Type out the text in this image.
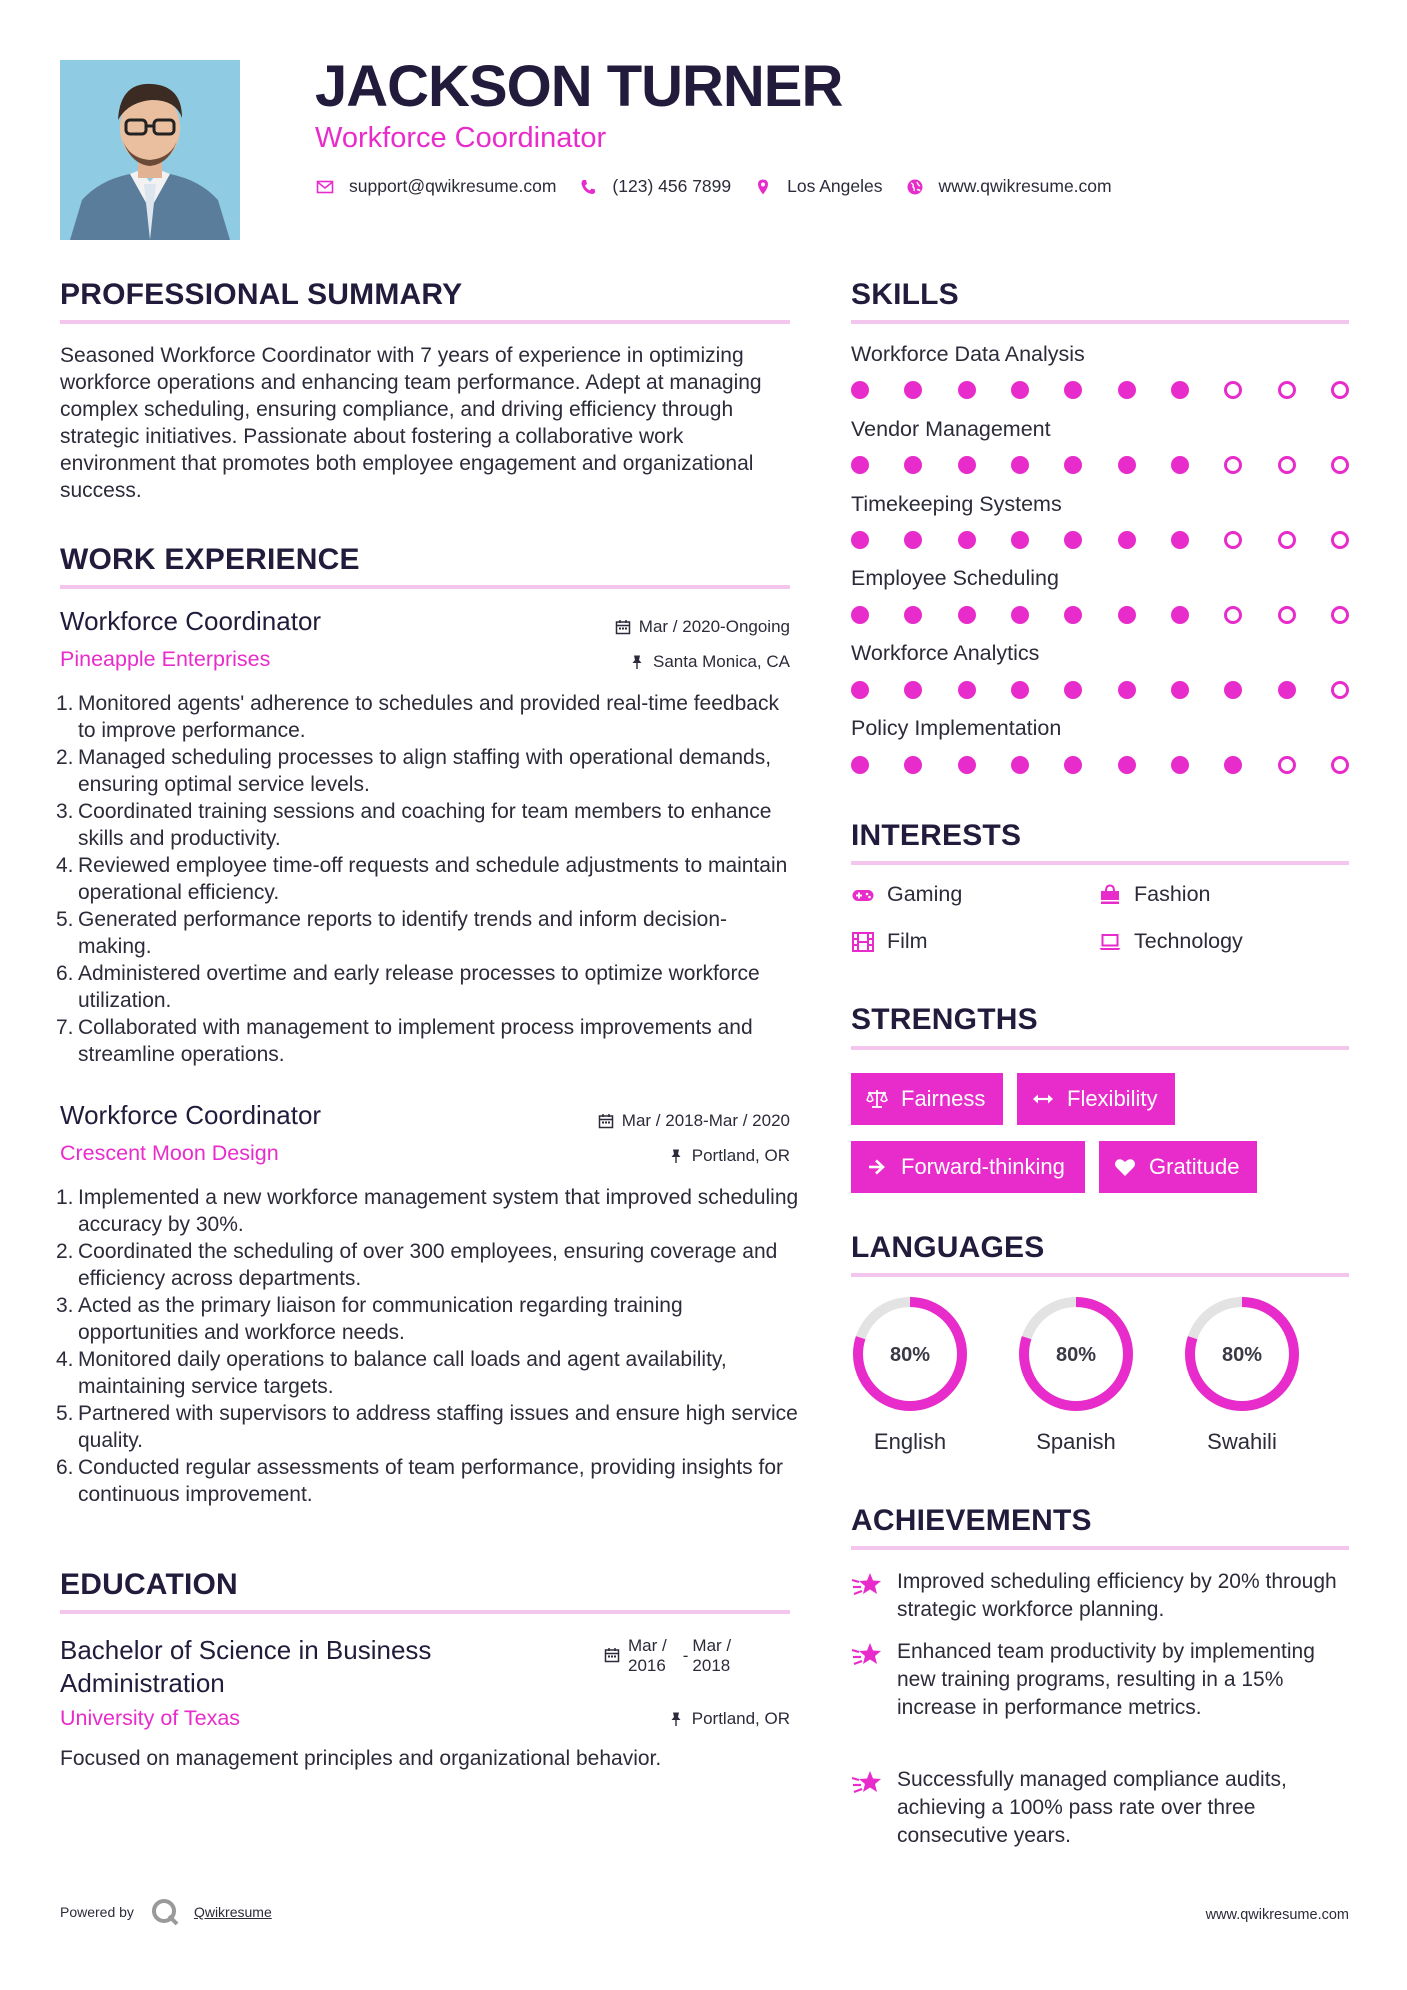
JACKSON TURNER
Workforce Coordinator
support@qwikresume.com	(123) 456 7899	Los Angeles	www.qwikresume.com
PROFESSIONAL SUMMARY
Seasoned Workforce Coordinator with 7 years of experience in optimizing workforce operations and enhancing team performance. Adept at managing complex scheduling, ensuring compliance, and driving efficiency through strategic initiatives. Passionate about fostering a collaborative work environment that promotes both employee engagement and organizational success.
WORK EXPERIENCE
Workforce Coordinator	Mar / 2020-Ongoing
Pineapple Enterprises	Santa Monica, CA
1. Monitored agents' adherence to schedules and provided real-time feedback to improve performance.
2. Managed scheduling processes to align staffing with operational demands, ensuring optimal service levels.
3. Coordinated training sessions and coaching for team members to enhance skills and productivity.
4. Reviewed employee time-off requests and schedule adjustments to maintain operational efficiency.
5. Generated performance reports to identify trends and inform decision-making.
6. Administered overtime and early release processes to optimize workforce utilization.
7. Collaborated with management to implement process improvements and streamline operations.
Workforce Coordinator	Mar / 2018-Mar / 2020
Crescent Moon Design	Portland, OR
1. Implemented a new workforce management system that improved scheduling accuracy by 30%.
2. Coordinated the scheduling of over 300 employees, ensuring coverage and efficiency across departments.
3. Acted as the primary liaison for communication regarding training opportunities and workforce needs.
4. Monitored daily operations to balance call loads and agent availability, maintaining service targets.
5. Partnered with supervisors to address staffing issues and ensure high service quality.
6. Conducted regular assessments of team performance, providing insights for continuous improvement.
EDUCATION
Bachelor of Science in Business
Administration
Mar /
2016
-
Mar /
2018
University of Texas	Portland, OR
Focused on management principles and organizational behavior.
SKILLS
Workforce Data Analysis
Vendor Management
Timekeeping Systems
Employee Scheduling
Workforce Analytics
Policy Implementation
INTERESTS
Gaming	Fashion
Film	Technology
STRENGTHS
Fairness	Flexibility
Forward-thinking	Gratitude
LANGUAGES
80%
English
80%
Spanish
80%
Swahili
ACHIEVEMENTS
Improved scheduling efficiency by 20% through strategic workforce planning.
Enhanced team productivity by implementing new training programs, resulting in a 15% increase in performance metrics.
Successfully managed compliance audits, achieving a 100% pass rate over three consecutive years.
Powered by	Qwikresume	www.qwikresume.com
